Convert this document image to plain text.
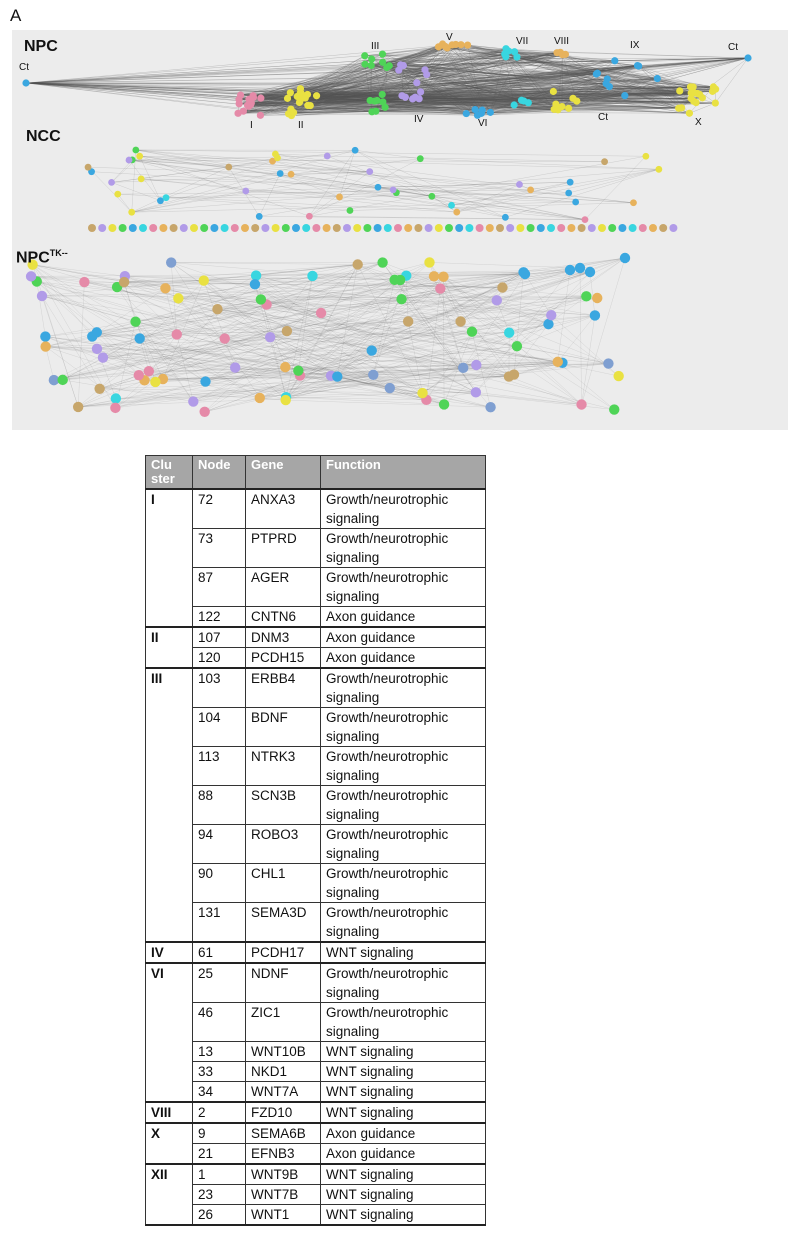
A
NPC
NCC
$NPC^{TK--}$
Ct
Ct
Ct
I	II
III
IV
V
VI
VII	VIII	IX
X
Clu ster	Node	Gene	Function
I	72	ANXA3	Growth/neurotrophic signaling
	73	PTPRD	Growth/neurotrophic signaling
	87	AGER	Growth/neurotrophic signaling
	122	CNTN6	Axon guidance
II	107	DNM3	Axon guidance
	120	PCDH15	Axon guidance
III	103	ERBB4	Growth/neurotrophic signaling
	104	BDNF	Growth/neurotrophic signaling
	113	NTRK3	Growth/neurotrophic signaling
	88	SCN3B	Growth/neurotrophic signaling
	94	ROBO3	Growth/neurotrophic signaling
	90	CHL1	Growth/neurotrophic signaling
	131	SEMA3D	Growth/neurotrophic signaling
IV	61	PCDH17	WNT signaling
VI	25	NDNF	Growth/neurotrophic signaling
	46	ZIC1	Growth/neurotrophic signaling
	13	WNT10B	WNT signaling
	33	NKD1	WNT signaling
	34	WNT7A	WNT signaling
VIII	2	FZD10	WNT signaling
X	9	SEMA6B	Axon guidance
	21	EFNB3	Axon guidance
XII	1	WNT9B	WNT signaling
	23	WNT7B	WNT signaling
	26	WNT1	WNT signaling
